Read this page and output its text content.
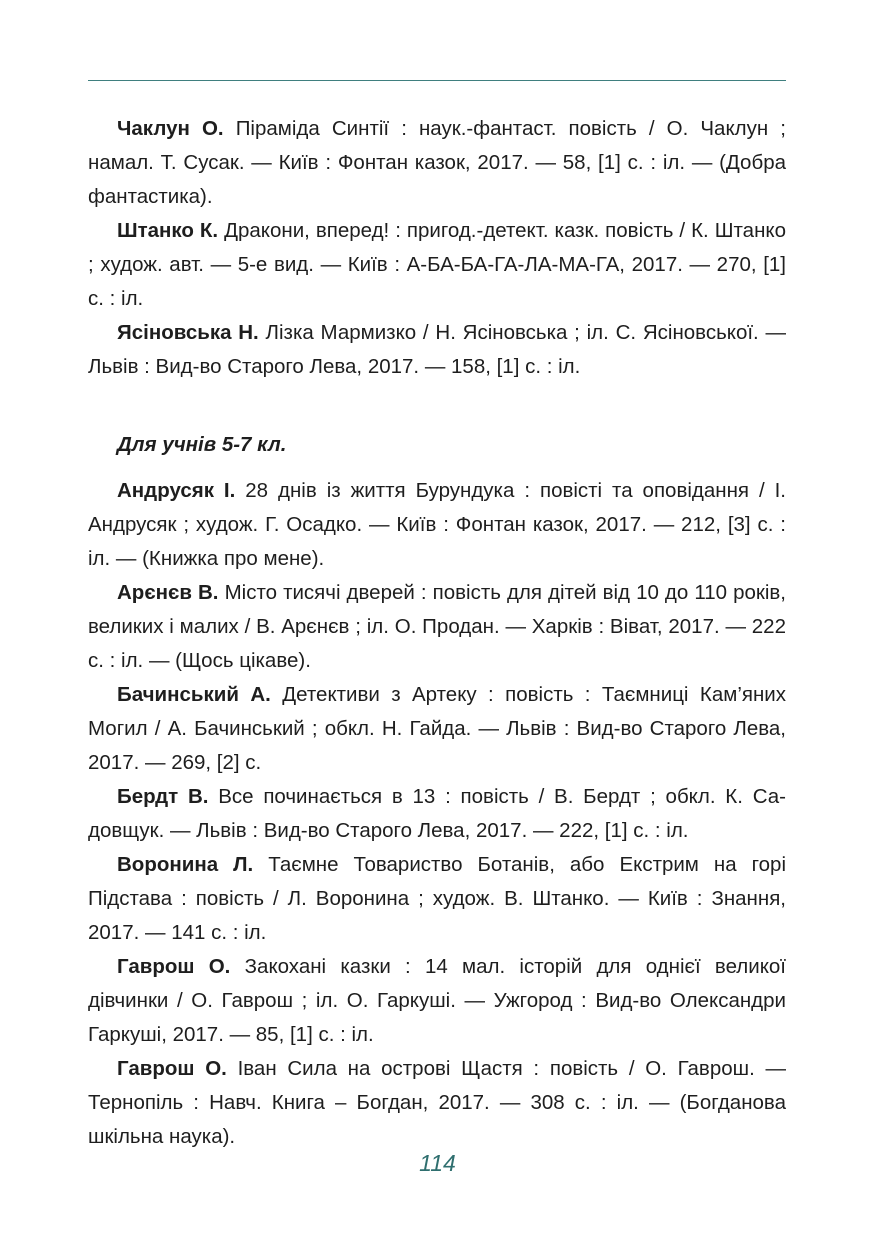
Чаклун О. Піраміда Синтії : наук.-фантаст. повість / О. Чаклун ; намал. Т. Сусак. — Київ : Фонтан казок, 2017. — 58, [1] с. : іл. — (Добра фантастика).

Штанко К. Дракони, вперед! : пригод.-детект. казк. повість / К. Штанко ; худож. авт. — 5-е вид. — Київ : А-БА-БА-ГА-ЛА-МА-ГА, 2017. — 270, [1] с. : іл.

Ясіновська Н. Лізка Мармизко / Н. Ясіновська ; іл. С. Ясіновської. — Львів : Вид-во Старого Лева, 2017. — 158, [1] с. : іл.

Для учнів 5-7 кл.

Андрусяк І. 28 днів із життя Бурундука : повісті та оповідання / І. Андрусяк ; худож. Г. Осадко. — Київ : Фонтан казок, 2017. — 212, [3] с. : іл. — (Книжка про мене).

Арєнєв В. Місто тисячі дверей : повість для дітей від 10 до 110 років, великих і малих / В. Арєнєв ; іл. О. Продан. — Харків : Віват, 2017. — 222 с. : іл. — (Щось цікаве).

Бачинський А. Детективи з Артеку : повість : Таємниці Кам’яних Могил / А. Бачинський ; обкл. Н. Гайда. — Львів : Вид-во Старого Лева, 2017. — 269, [2] с.

Бердт В. Все починається в 13 : повість / В. Бердт ; обкл. К. Садовщук. — Львів : Вид-во Старого Лева, 2017. — 222, [1] с. : іл.

Воронина Л. Таємне Товариство Ботанів, або Екстрим на горі Підстава : повість / Л. Воронина ; худож. В. Штанко. — Київ : Знання, 2017. — 141 с. : іл.

Гаврош О. Закохані казки : 14 мал. історій для однієї великої дівчинки / О. Гаврош ; іл. О. Гаркуші. — Ужгород : Вид-во Олександри Гаркуші, 2017. — 85, [1] с. : іл.

Гаврош О. Іван Сила на острові Щастя : повість / О. Гаврош. — Тернопіль : Навч. Книга – Богдан, 2017. — 308 с. : іл. — (Богданова шкільна наука).

114
